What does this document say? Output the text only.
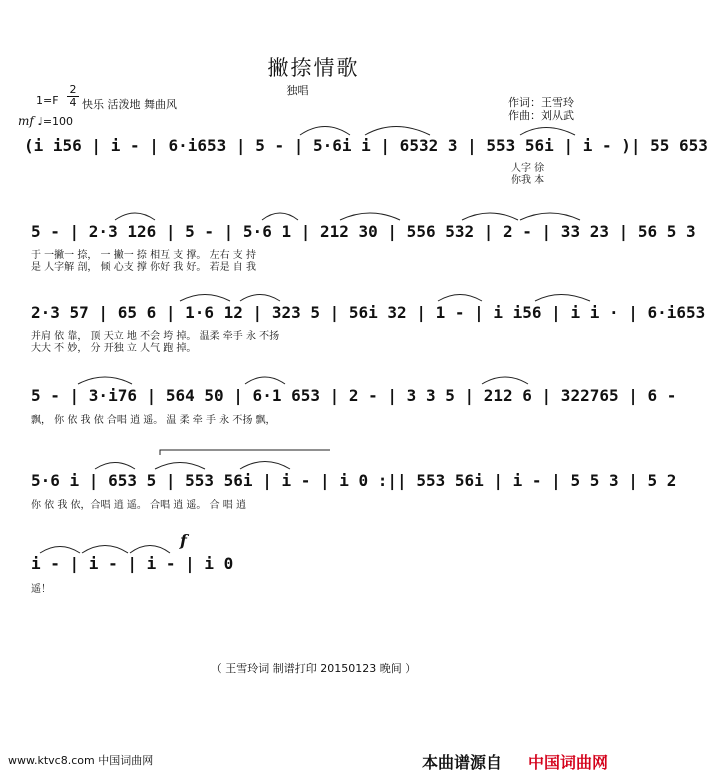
撇捺情歌
独唱
$1=F \frac{2}{4}$ 快乐 活泼地 舞曲风	作词：王雪玲
作曲：刘从武
mf ♩=100
(i i56 | i - | 6·i653 | 5 - | 5·6i i | 6532 3 | 553 56i | i - )| 55 653
人字 徐
你我 本
5 - | 2·3 126 | 5 - | 5·6 1 | 212 30 | 556 532 | 2 - | 33 23 | 56 5 3
于 一撇一 捺， 一 撇一 捺 相互 支 撑。 左右 支 持
是 人字解 剖， 倾 心支 撑 你好 我 好。 若是 自 我
2·3 57 | 65 6 | 1·6 12 | 323 5 | 56i 32 | 1 - | i i56 | i i · | 6·i653
并肩 依 靠， 顶 天立 地 不会 垮 掉。 温柔 牵手 永 不扬
大大 不 妙， 分 开独 立 人气 跑 掉。
5 - | 3·i76 | 564 50 | 6·1 653 | 2 - | 3 3 5 | 212 6 | 322765 | 6 -
飘， 你 依 我 依 合唱 逍 遥。 温 柔 牵 手 永 不扬 飘，
5·6 i | 653 5 | 553 56i | i - | i 0 :|| 553 56i | i - | 5 5 3 | 5 2
你 依 我 依，合唱 逍 遥。 合唱 逍 遥。 合 唱 逍
f
i - | i - | i - | i 0
遥！
（ 王雪玲词 制谱打印 20150123 晚间 ）
www.ktvc8.com 中国词曲网	本曲谱源自 中国词曲网
